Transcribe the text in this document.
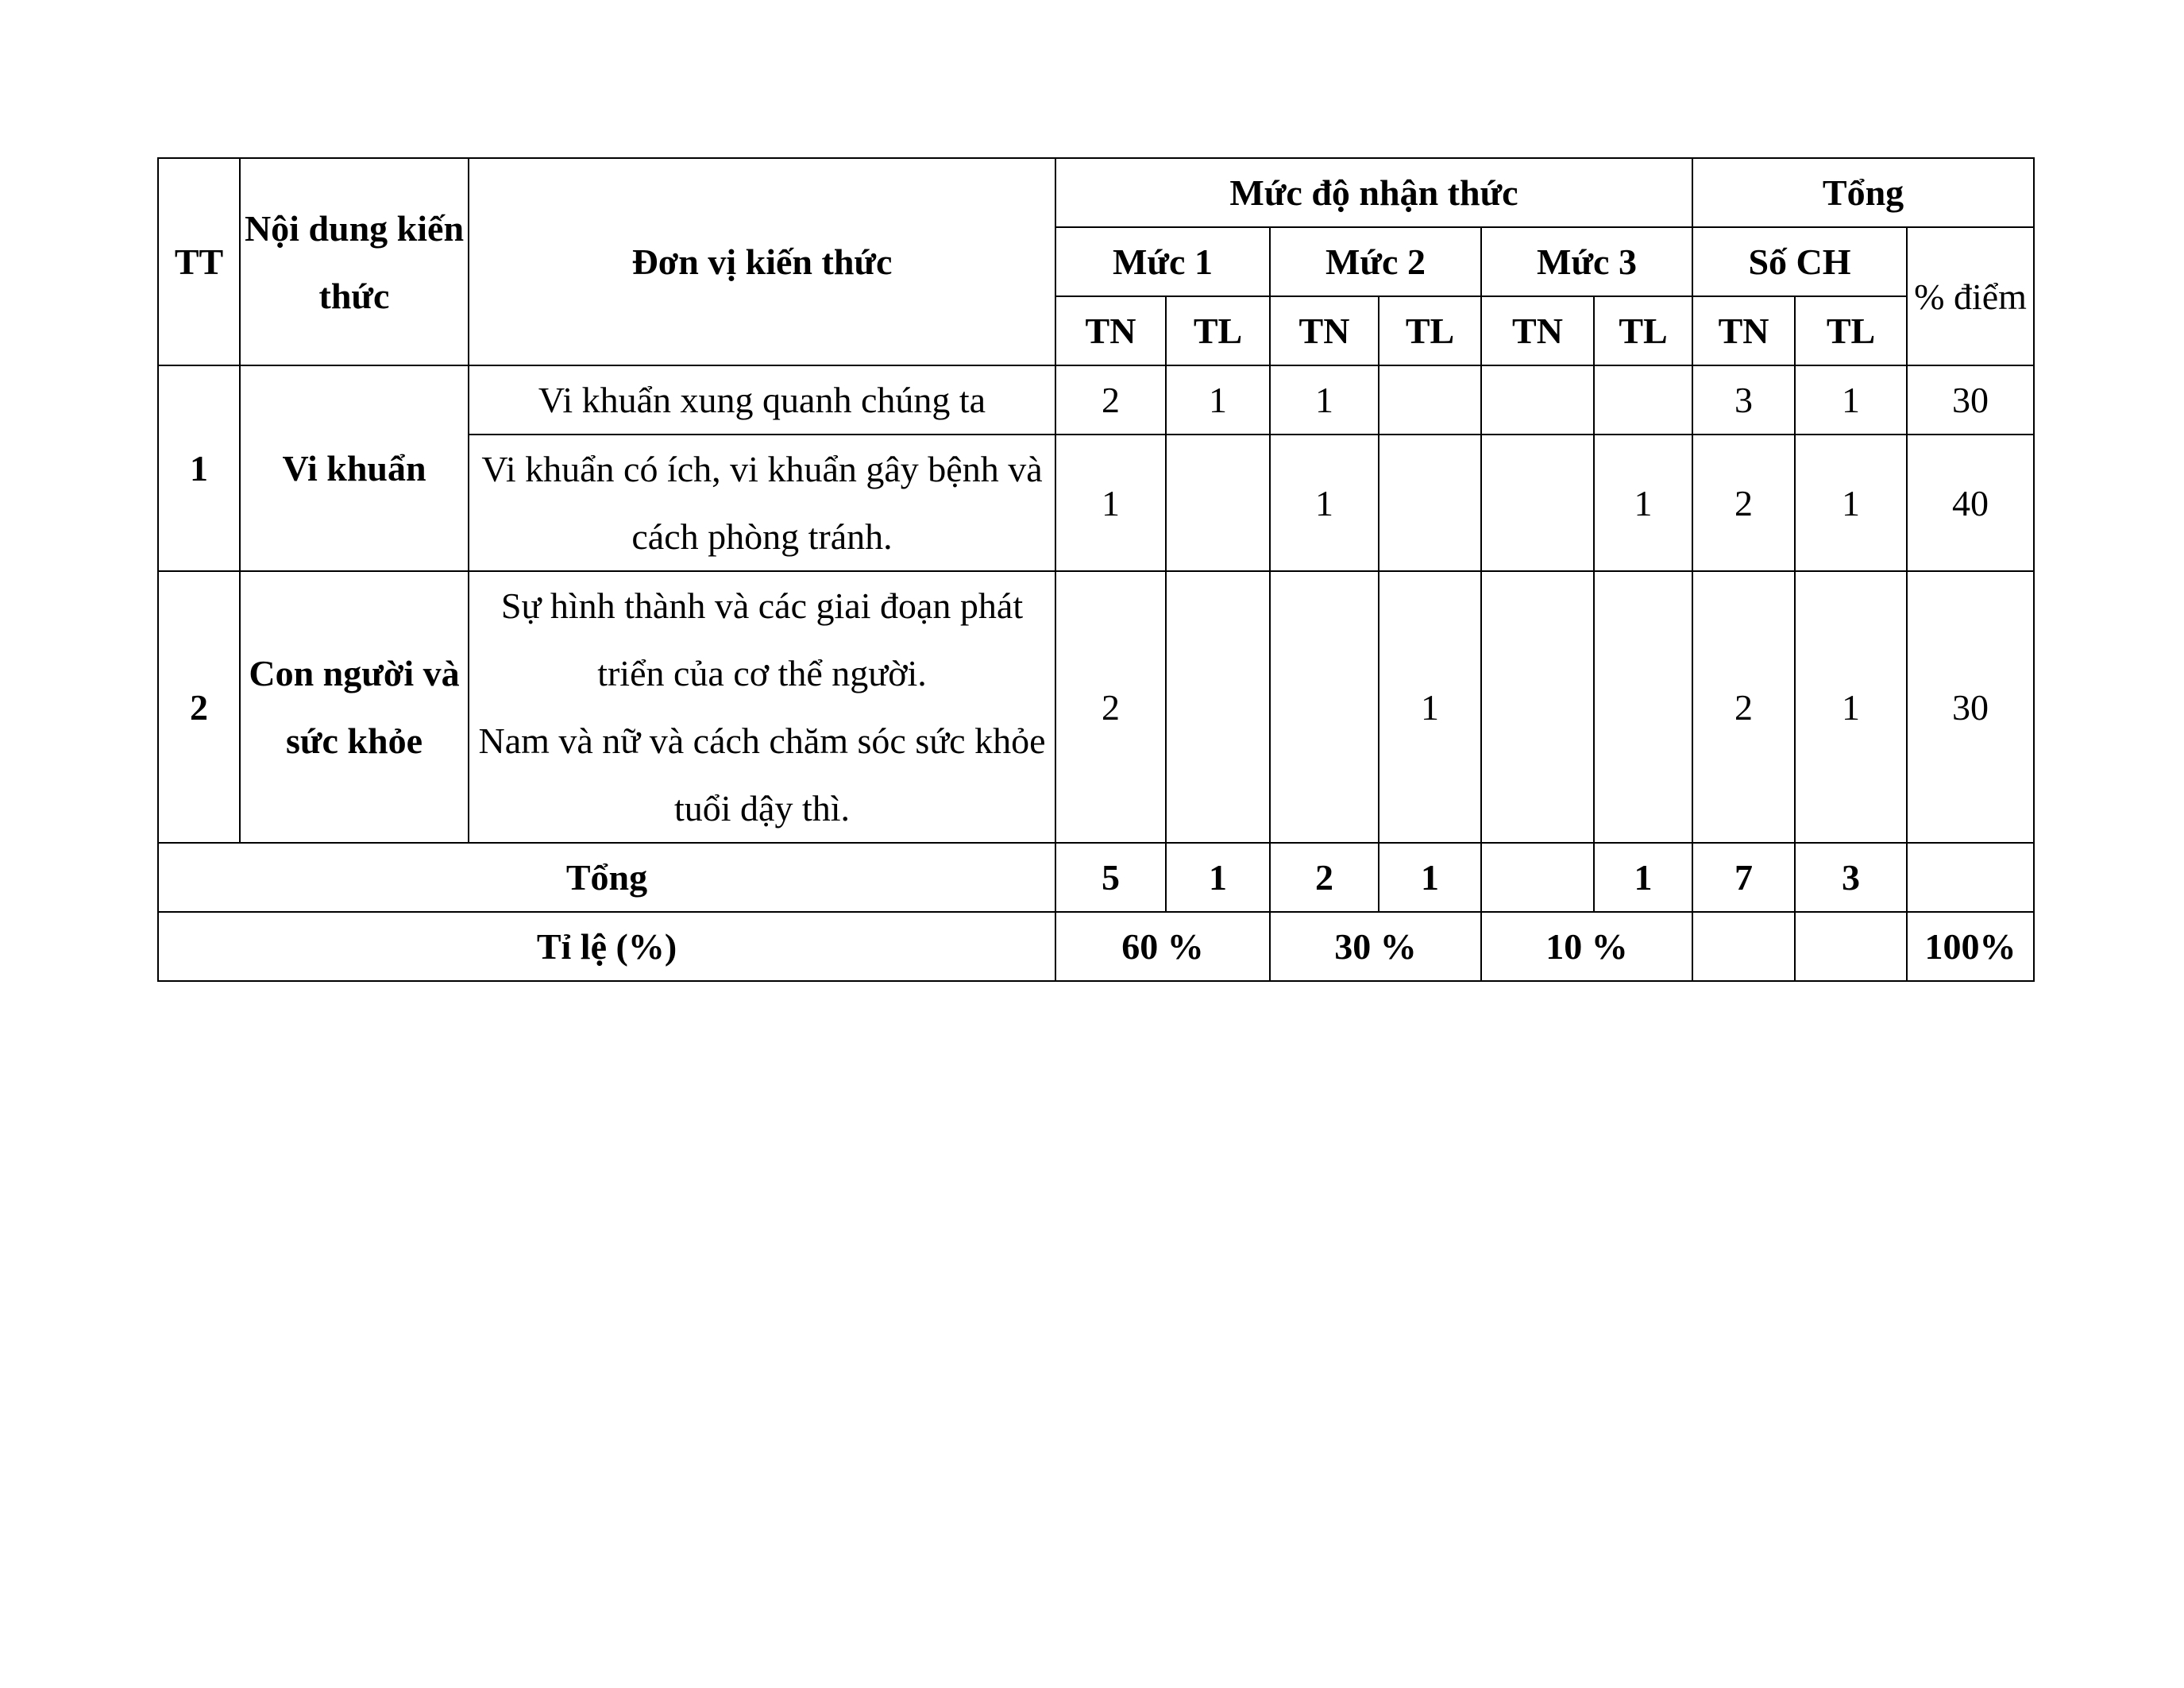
TT	Nội dung kiến thức	Đơn vị kiến thức	Mức độ nhận thức						Tổng		
			Mức 1		Mức 2		Mức 3		Số CH		% điểm
			TN	TL	TN	TL	TN	TL	TN	TL	
1	Vi khuẩn	Vi khuẩn xung quanh chúng ta	2	1	1				3	1	30
		Vi khuẩn có ích, vi khuẩn gây bệnh và cách phòng tránh.	1		1			1	2	1	40
2	Con người và sức khỏe	Sự hình thành và các giai đoạn phát triển của cơ thể người.
Nam và nữ và cách chăm sóc sức khỏe tuổi dậy thì.	2			1			2	1	30
Tổng			5	1	2	1		1	7	3	
Tỉ lệ (%)			60 %		30 %		10 %				100%
